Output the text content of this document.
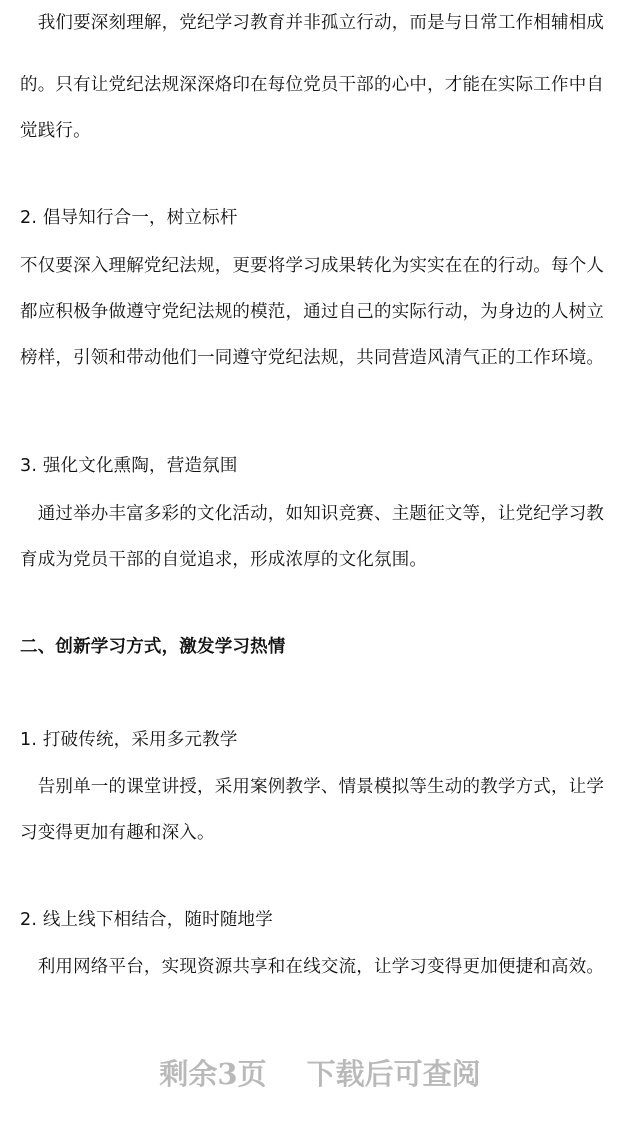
　我们要深刻理解，党纪学习教育并非孤立行动，而是与日常工作相辅相成
的。只有让党纪法规深深烙印在每位党员干部的心中，才能在实际工作中自
觉践行。
2. 倡导知行合一，树立标杆
不仅要深入理解党纪法规，更要将学习成果转化为实实在在的行动。每个人
都应积极争做遵守党纪法规的模范，通过自己的实际行动，为身边的人树立
榜样，引领和带动他们一同遵守党纪法规，共同营造风清气正的工作环境。
3. 强化文化熏陶，营造氛围
　通过举办丰富多彩的文化活动，如知识竞赛、主题征文等，让党纪学习教
育成为党员干部的自觉追求，形成浓厚的文化氛围。
二、创新学习方式，激发学习热情
1. 打破传统，采用多元教学
　告别单一的课堂讲授，采用案例教学、情景模拟等生动的教学方式，让学
习变得更加有趣和深入。
2. 线上线下相结合，随时随地学
　利用网络平台，实现资源共享和在线交流，让学习变得更加便捷和高效。
剩余3页 下载后可查阅
